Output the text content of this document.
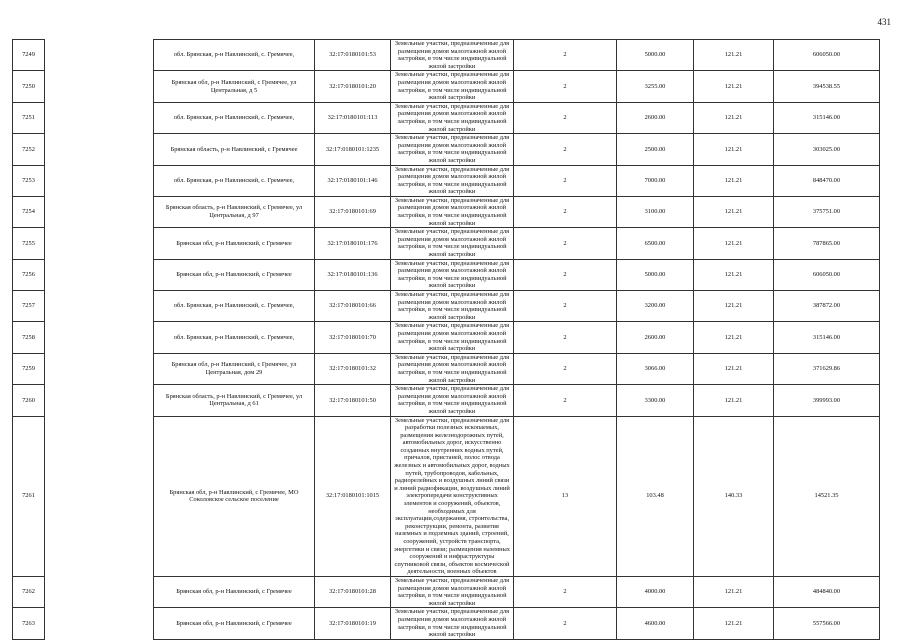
431
7249		обл. Брянская, р-н Навлинский, с. Гремячее,	32:17:0180101:53	Земельные участки, предназначенные для размещения домов малоэтажной жилой застройки, в том числе индивидуальной жилой застройки	2	5000.00	121.21	606050.00
7250		Брянская обл, р-н Навлинский, с Гремячее, ул Центральная, д 5	32:17:0180101:20	Земельные участки, предназначенные для размещения домов малоэтажной жилой застройки, в том числе индивидуальной жилой застройки	2	3255.00	121.21	394538.55
7251		обл. Брянская, р-н Навлинский, с. Гремячее,	32:17:0180101:113	Земельные участки, предназначенные для размещения домов малоэтажной жилой застройки, в том числе индивидуальной жилой застройки	2	2600.00	121.21	315146.00
7252		Брянская область, р-н Навлинский, с Гремячее	32:17:0180101:1235	Земельные участки, предназначенные для размещения домов малоэтажной жилой застройки, в том числе индивидуальной жилой застройки	2	2500.00	121.21	303025.00
7253		обл. Брянская, р-н Навлинский, с. Гремячее,	32:17:0180101:146	Земельные участки, предназначенные для размещения домов малоэтажной жилой застройки, в том числе индивидуальной жилой застройки	2	7000.00	121.21	848470.00
7254		Брянская область, р-н Навлинский, с Гремячее, ул Центральная, д 97	32:17:0180101:69	Земельные участки, предназначенные для размещения домов малоэтажной жилой застройки, в том числе индивидуальной жилой застройки	2	3100.00	121.21	375751.00
7255		Брянская обл, р-н Навлинский, с Гремячее	32:17:0180101:176	Земельные участки, предназначенные для размещения домов малоэтажной жилой застройки, в том числе индивидуальной жилой застройки	2	6500.00	121.21	787865.00
7256		Брянская обл, р-н Навлинский, с Гремячее	32:17:0180101:136	Земельные участки, предназначенные для размещения домов малоэтажной жилой застройки, в том числе индивидуальной жилой застройки	2	5000.00	121.21	606050.00
7257		обл. Брянская, р-н Навлинский, с. Гремячее,	32:17:0180101:66	Земельные участки, предназначенные для размещения домов малоэтажной жилой застройки, в том числе индивидуальной жилой застройки	2	3200.00	121.21	387872.00
7258		обл. Брянская, р-н Навлинский, с. Гремячее,	32:17:0180101:70	Земельные участки, предназначенные для размещения домов малоэтажной жилой застройки, в том числе индивидуальной жилой застройки	2	2600.00	121.21	315146.00
7259		Брянская обл, р-н Навлинский, с Гремячее, ул Центральная, дом 29	32:17:0180101:32	Земельные участки, предназначенные для размещения домов малоэтажной жилой застройки, в том числе индивидуальной жилой застройки	2	3066.00	121.21	371629.86
7260		Брянская область, р-н Навлинский, с Гремячее, ул Центральная, д 61	32:17:0180101:50	Земельные участки, предназначенные для размещения домов малоэтажной жилой застройки, в том числе индивидуальной жилой застройки	2	3300.00	121.21	399993.00
7261		Брянская обл, р-н Навлинский, с Гремячее, МО Соколовское сельское поселение	32:17:0180101:1015	Земельные участки, предназначенные для разработки полезных ископаемых, размещения железнодорожных путей, автомобильных дорог, искусственно созданных внутренних водных путей, причалов, пристаней, полос отвода железных и автомобильных дорог, водных путей, трубопроводов, кабельных, радиорелейных и воздушных линий связи и линий радиофикации, воздушных линий электропередачи конструктивных элементов и сооружений, объектов, необходимых для эксплуатации,содержания, строительства, реконструкции, ремонта, развития наземных и подземных зданий, строений, сооружений, устройств транспорта, энергетики и связи; размещения наземных сооружений и инфраструктуры спутниковой связи, объектов космической деятельности, военных объектов	13	103.48	140.33	14521.35
7262		Брянская обл, р-н Навлинский, с Гремячее	32:17:0180101:28	Земельные участки, предназначенные для размещения домов малоэтажной жилой застройки, в том числе индивидуальной жилой застройки	2	4000.00	121.21	484840.00
7263		Брянская обл, р-н Навлинский, с Гремячее	32:17:0180101:19	Земельные участки, предназначенные для размещения домов малоэтажной жилой застройки, в том числе индивидуальной жилой застройки	2	4600.00	121.21	557566.00
